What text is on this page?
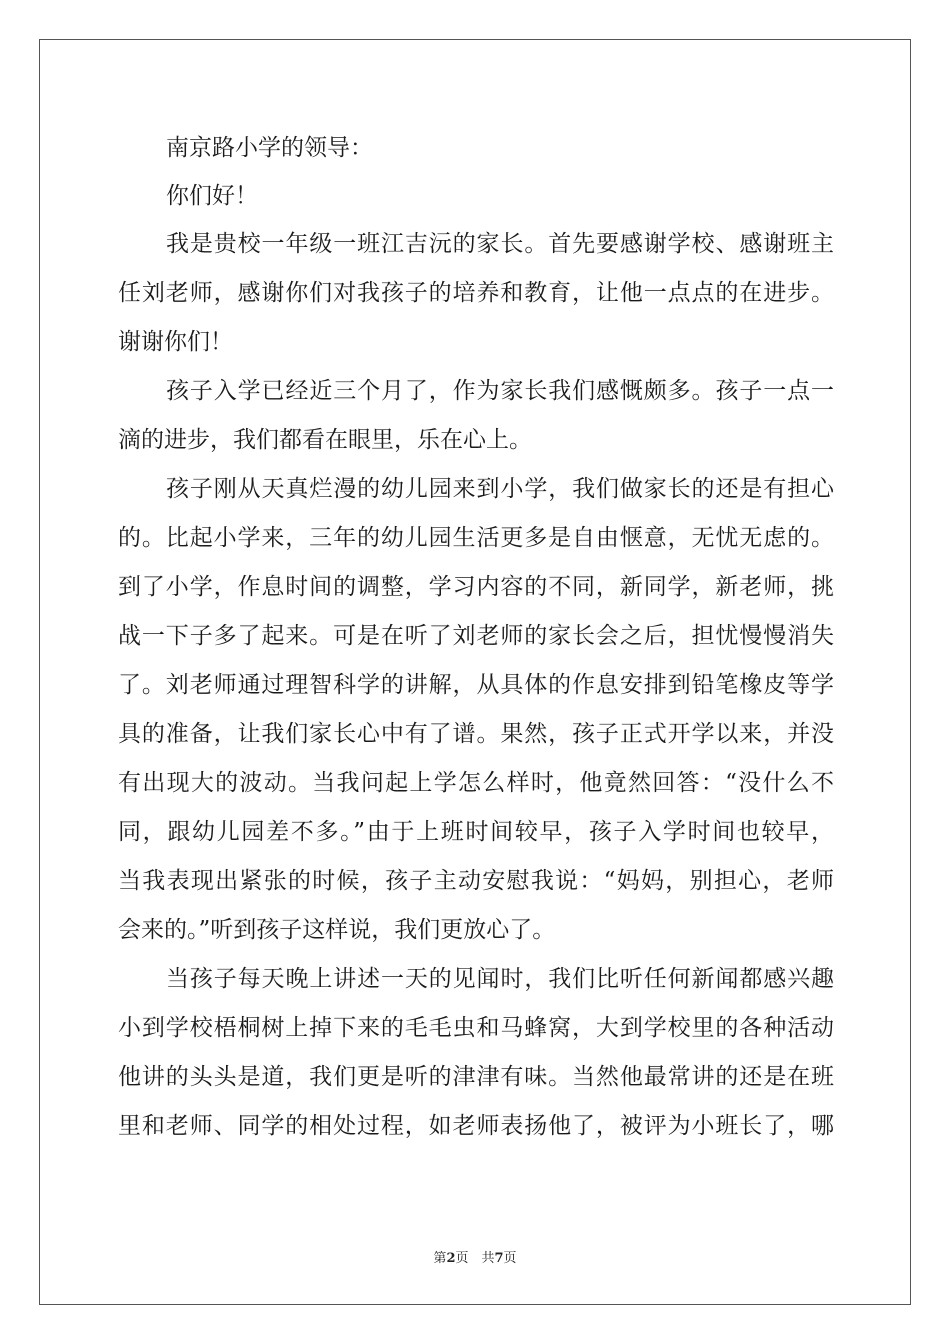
南京路小学的领导：
你们好！
我是贵校一年级一班江吉沅的家长。首先要感谢学校、感谢班主
任刘老师，感谢你们对我孩子的培养和教育，让他一点点的在进步。
谢谢你们！
孩子入学已经近三个月了，作为家长我们感慨颇多。孩子一点一
滴的进步，我们都看在眼里，乐在心上。
孩子刚从天真烂漫的幼儿园来到小学，我们做家长的还是有担心
的。比起小学来，三年的幼儿园生活更多是自由惬意，无忧无虑的。
到了小学，作息时间的调整，学习内容的不同，新同学，新老师，挑
战一下子多了起来。可是在听了刘老师的家长会之后，担忧慢慢消失
了。刘老师通过理智科学的讲解，从具体的作息安排到铅笔橡皮等学
具的准备，让我们家长心中有了谱。果然，孩子正式开学以来，并没
有出现大的波动。当我问起上学怎么样时，他竟然回答：“没什么不
同，跟幼儿园差不多。”由于上班时间较早，孩子入学时间也较早，
当我表现出紧张的时候，孩子主动安慰我说：“妈妈，别担心，老师
会来的。”听到孩子这样说，我们更放心了。
当孩子每天晚上讲述一天的见闻时，我们比听任何新闻都感兴趣
小到学校梧桐树上掉下来的毛毛虫和马蜂窝，大到学校里的各种活动
他讲的头头是道，我们更是听的津津有味。当然他最常讲的还是在班
里和老师、同学的相处过程，如老师表扬他了，被评为小班长了，哪
第2页　共7页
